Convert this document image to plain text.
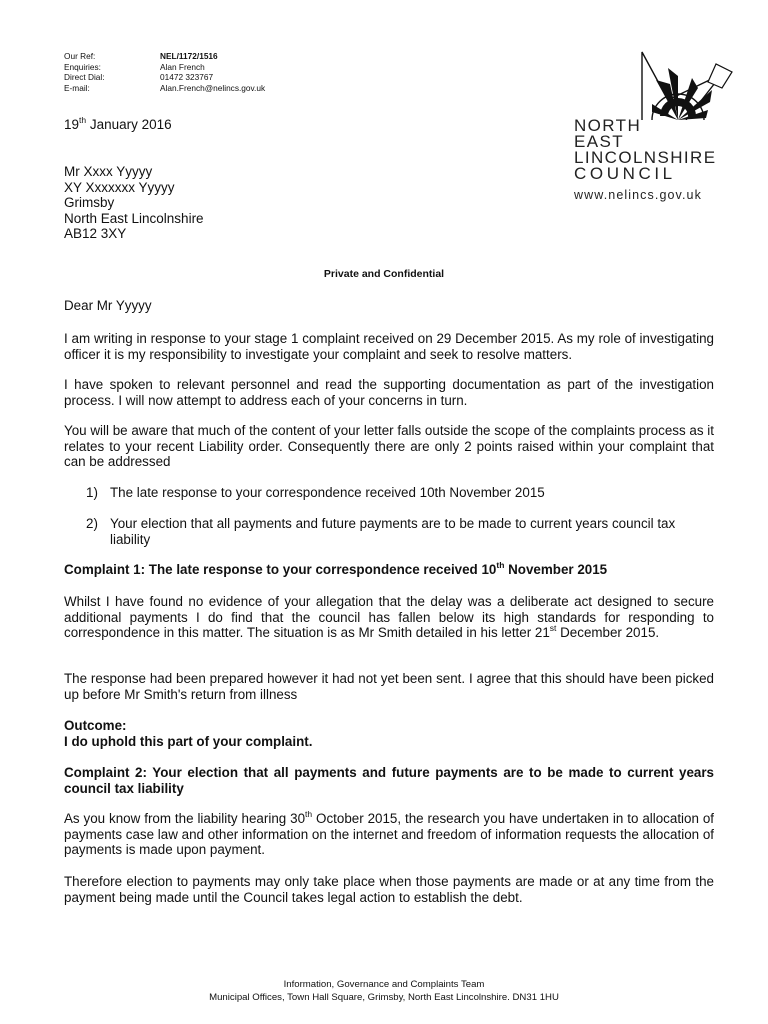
Our Ref:	NEL/1172/1516
Enquiries:	Alan French
Direct Dial:	01472 323767
E-mail:	Alan.French@nelincs.gov.uk
19th January 2016
Mr Xxxx Yyyyy
XY Xxxxxxx Yyyyy
Grimsby
North East Lincolnshire
AB12 3XY
NORTH
EAST
LINCOLNSHIRE
COUNCIL
www.nelincs.gov.uk
Private and Confidential
Dear Mr Yyyyy
I am writing in response to your stage 1 complaint received on 29 December 2015. As my role of investigating officer it is my responsibility to investigate your complaint and seek to resolve matters.
I have spoken to relevant personnel and read the supporting documentation as part of the investigation process. I will now attempt to address each of your concerns in turn.
You will be aware that much of the content of your letter falls outside the scope of the complaints process as it relates to your recent Liability order. Consequently there are only 2 points raised within your complaint that can be addressed
1) The late response to your correspondence received 10th November 2015
2) Your election that all payments and future payments are to be made to current years council tax liability
Complaint 1: The late response to your correspondence received 10th November 2015
Whilst I have found no evidence of your allegation that the delay was a deliberate act designed to secure additional payments I do find that the council has fallen below its high standards for responding to correspondence in this matter. The situation is as Mr Smith detailed in his letter 21st December 2015.
The response had been prepared however it had not yet been sent. I agree that this should have been picked up before Mr Smith's return from illness
Outcome:
I do uphold this part of your complaint.
Complaint 2: Your election that all payments and future payments are to be made to current years council tax liability
As you know from the liability hearing 30th October 2015, the research you have undertaken in to allocation of payments case law and other information on the internet and freedom of information requests the allocation of payments is made upon payment.
Therefore election to payments may only take place when those payments are made or at any time from the payment being made until the Council takes legal action to establish the debt.
Information, Governance and Complaints Team
Municipal Offices, Town Hall Square, Grimsby, North East Lincolnshire. DN31 1HU
